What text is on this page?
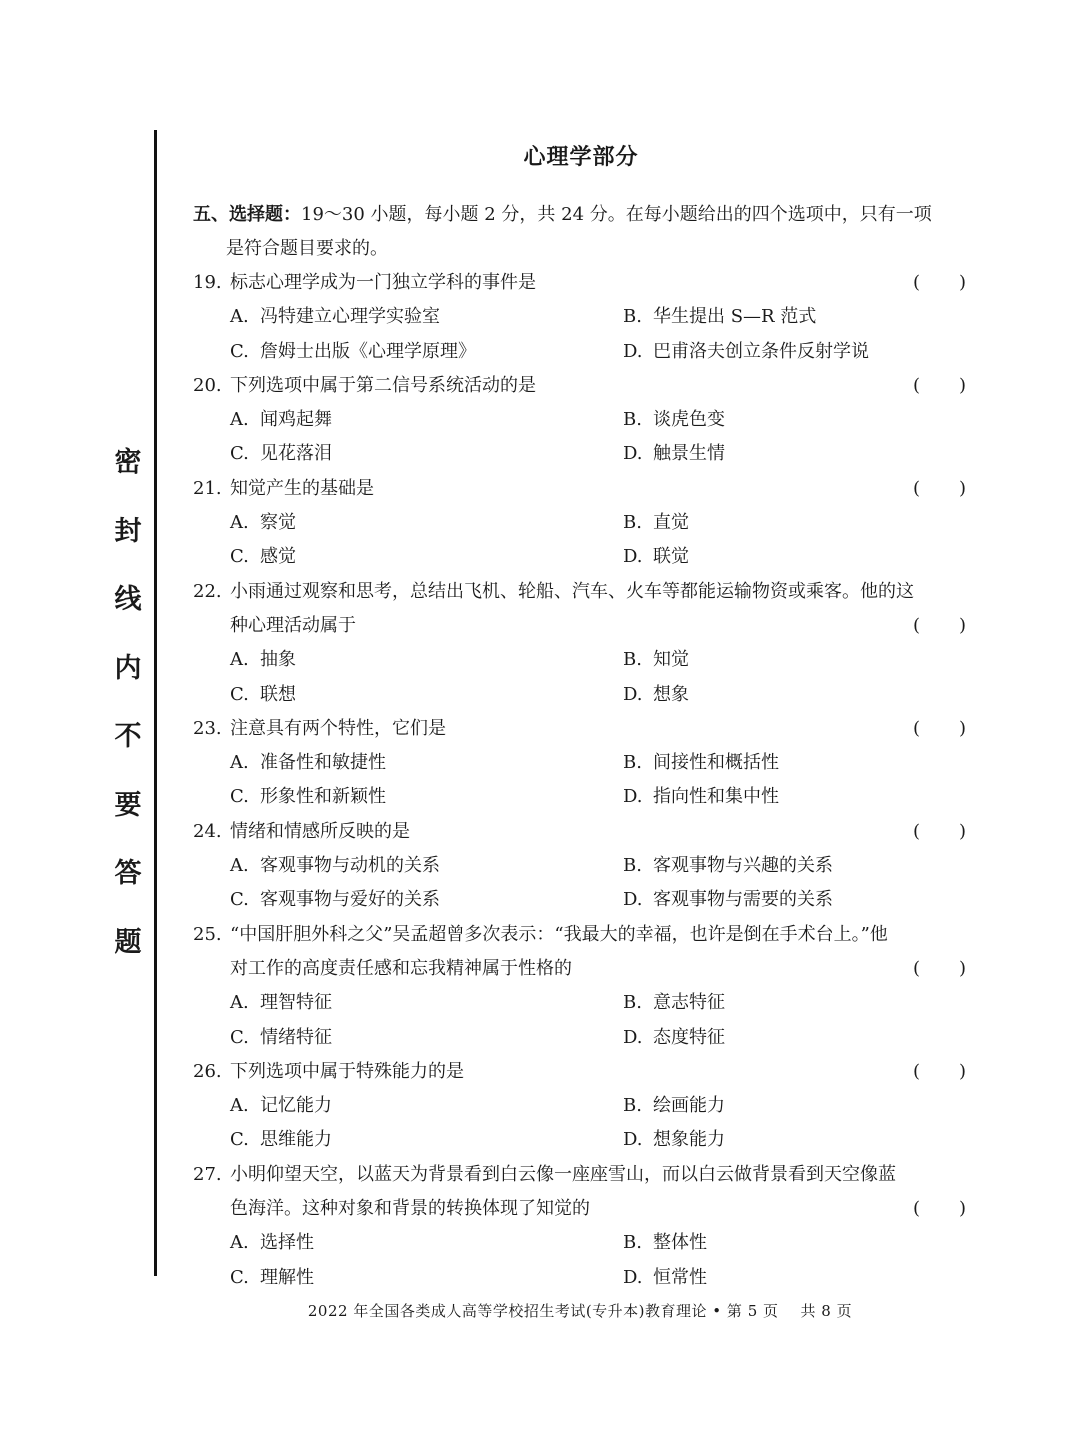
密
封
线
内
不
要
答
题
心理学部分
五、选择题：19～30 小题，每小题 2 分，共 24 分。在每小题给出的四个选项中，只有一项
是符合题目要求的。
19. 标志心理学成为一门独立学科的事件是	( )
A. 冯特建立心理学实验室	B. 华生提出 S—R 范式
C. 詹姆士出版《心理学原理》	D. 巴甫洛夫创立条件反射学说
20. 下列选项中属于第二信号系统活动的是	( )
A. 闻鸡起舞	B. 谈虎色变
C. 见花落泪	D. 触景生情
21. 知觉产生的基础是	( )
A. 察觉	B. 直觉
C. 感觉	D. 联觉
22. 小雨通过观察和思考，总结出飞机、轮船、汽车、火车等都能运输物资或乘客。他的这
种心理活动属于	( )
A. 抽象	B. 知觉
C. 联想	D. 想象
23. 注意具有两个特性，它们是	( )
A. 准备性和敏捷性	B. 间接性和概括性
C. 形象性和新颖性	D. 指向性和集中性
24. 情绪和情感所反映的是	( )
A. 客观事物与动机的关系	B. 客观事物与兴趣的关系
C. 客观事物与爱好的关系	D. 客观事物与需要的关系
25. “中国肝胆外科之父”吴孟超曾多次表示：“我最大的幸福，也许是倒在手术台上。”他
对工作的高度责任感和忘我精神属于性格的	( )
A. 理智特征	B. 意志特征
C. 情绪特征	D. 态度特征
26. 下列选项中属于特殊能力的是	( )
A. 记忆能力	B. 绘画能力
C. 思维能力	D. 想象能力
27. 小明仰望天空，以蓝天为背景看到白云像一座座雪山，而以白云做背景看到天空像蓝
色海洋。这种对象和背景的转换体现了知觉的	( )
A. 选择性	B. 整体性
C. 理解性	D. 恒常性
2022 年全国各类成人高等学校招生考试(专升本)教育理论 • 第 5 页 共 8 页
